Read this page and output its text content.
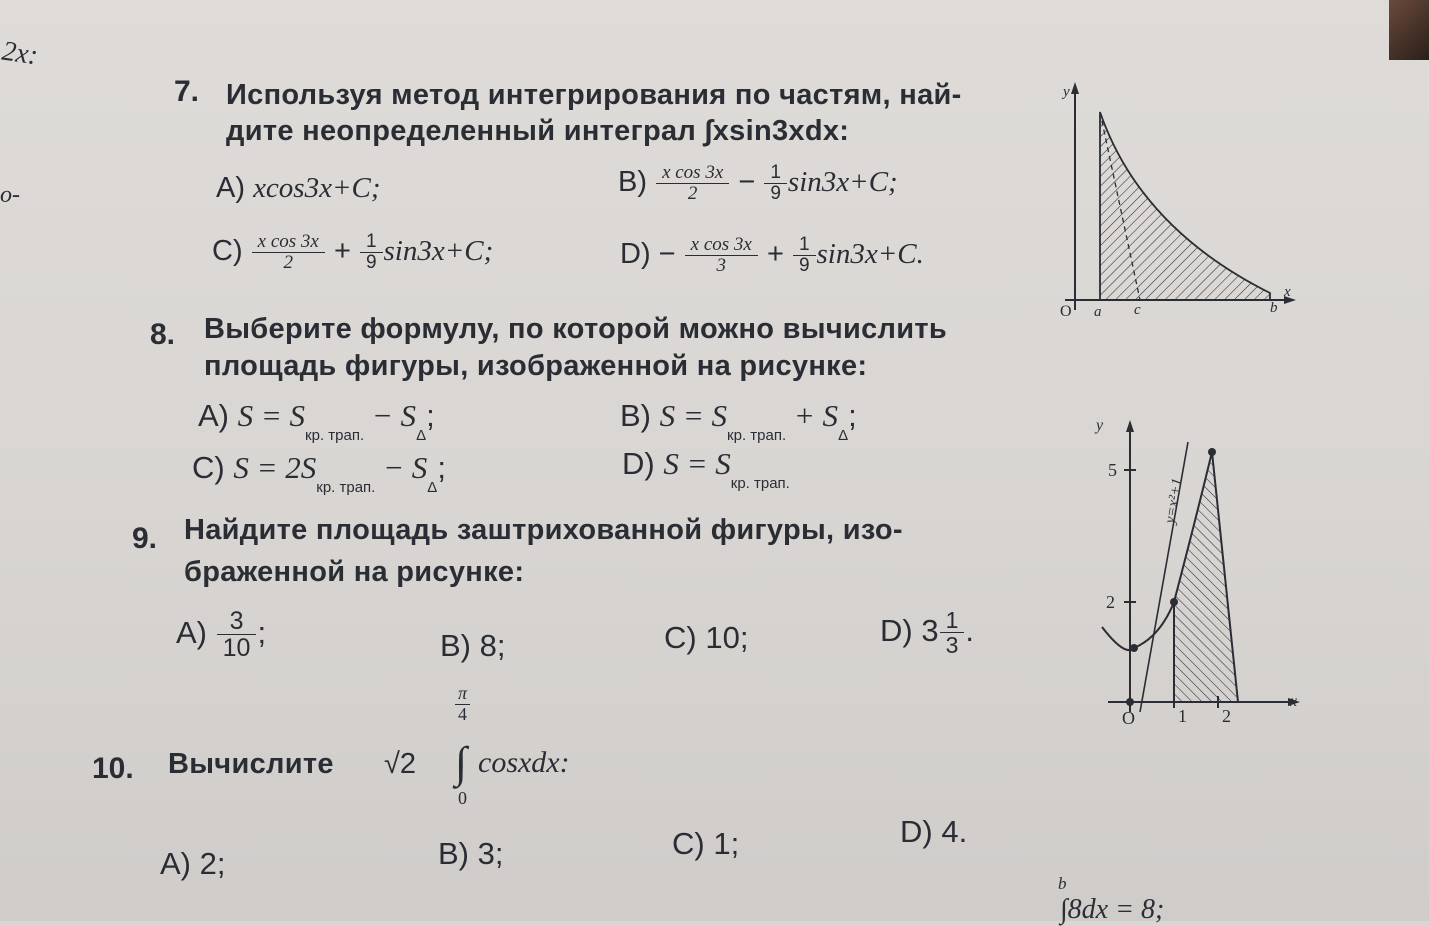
2x:
o-
7. Используя метод интегрирования по частям, най-
дите неопределенный интеграл ∫xsin3xdx:
A) xcos3x+C;	$B) \frac{\text{x cos 3x}}{2} - \frac{1}{9} \sin 3x+C$;
$C) \frac{\text{x cos 3x}}{2} + \frac{1}{9} \sin 3x+C$;	$D) - \frac{\text{x cos 3x}}{3} + \frac{1}{9} \sin 3x+C$.
y
x
O a c	b
8. Выберите формулу, по которой можно вычислить
площадь фигуры, изображенной на рисунке:
A) $S = S_{кр. трап.} - S_\Delta$;	B) $S = S_{кр. трап.} + S_\Delta$;
C) $S = 2S_{кр. трап.} - S_\Delta$;	D) $S = S_{кр. трап.}$
y
x
O 1 2
2
5
y=x²+1
9. Найдите площадь заштрихованной фигуры, изо-
браженной на рисунке:
$A) \frac{3}{10}$ ;	B) 8;	C) 10;	D) $3 \frac{1}{3}$ .
10. Вычислите √2
π
4
∫
0
cosxdx:
A) 2;	B) 3;	C) 1;	D) 4.
b
∫8dx = 8;
